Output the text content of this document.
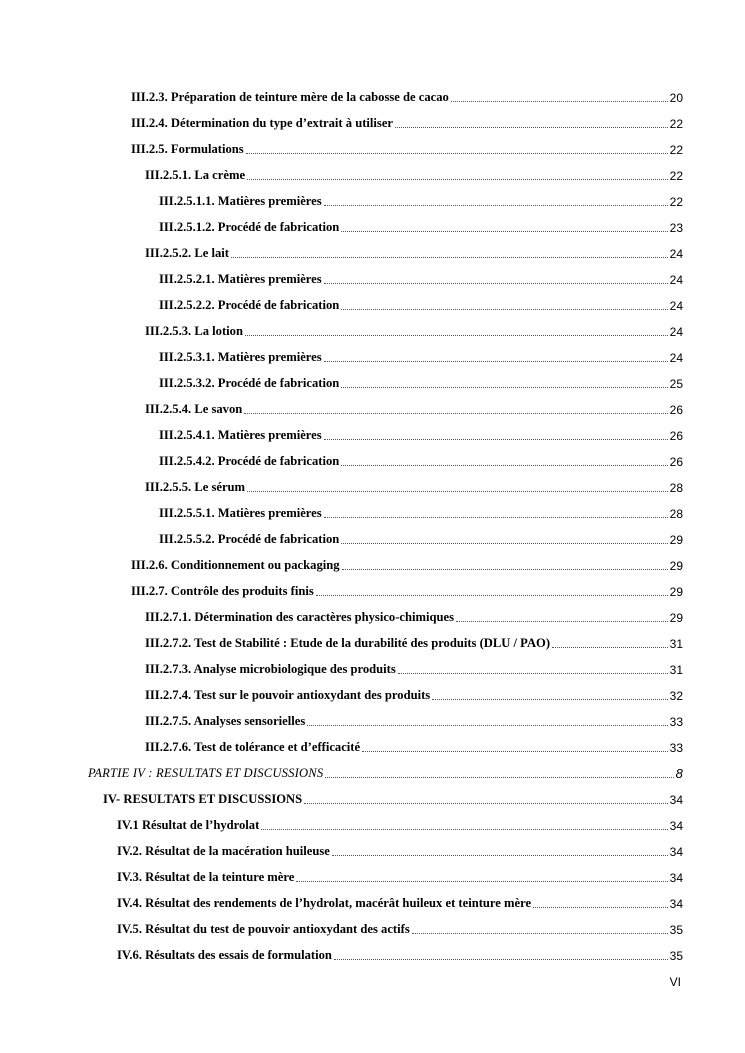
III.2.3. Préparation de teinture mère de la cabosse de cacao	20
III.2.4. Détermination du type d’extrait à utiliser	22
III.2.5. Formulations	22
III.2.5.1. La crème	22
III.2.5.1.1. Matières premières	22
III.2.5.1.2. Procédé de fabrication	23
III.2.5.2. Le lait	24
III.2.5.2.1. Matières premières	24
III.2.5.2.2. Procédé de fabrication	24
III.2.5.3. La lotion	24
III.2.5.3.1. Matières premières	24
III.2.5.3.2. Procédé de fabrication	25
III.2.5.4. Le savon	26
III.2.5.4.1. Matières premières	26
III.2.5.4.2. Procédé de fabrication	26
III.2.5.5. Le sérum	28
III.2.5.5.1. Matières premières	28
III.2.5.5.2. Procédé de fabrication	29
III.2.6. Conditionnement ou packaging	29
III.2.7. Contrôle des produits finis	29
III.2.7.1. Détermination des caractères physico-chimiques	29
III.2.7.2. Test de Stabilité : Etude de la durabilité des produits (DLU / PAO)	31
III.2.7.3. Analyse microbiologique des produits	31
III.2.7.4. Test sur le pouvoir antioxydant des produits	32
III.2.7.5. Analyses sensorielles	33
III.2.7.6. Test de tolérance et d’efficacité	33
PARTIE IV : RESULTATS ET DISCUSSIONS	8
IV- RESULTATS ET DISCUSSIONS	34
IV.1 Résultat de l’hydrolat	34
IV.2. Résultat de la macération huileuse	34
IV.3. Résultat de la teinture mère	34
IV.4. Résultat des rendements de l’hydrolat, macérât huileux et teinture mère	34
IV.5. Résultat du test de pouvoir antioxydant des actifs	35
IV.6. Résultats des essais de formulation	35
VI
